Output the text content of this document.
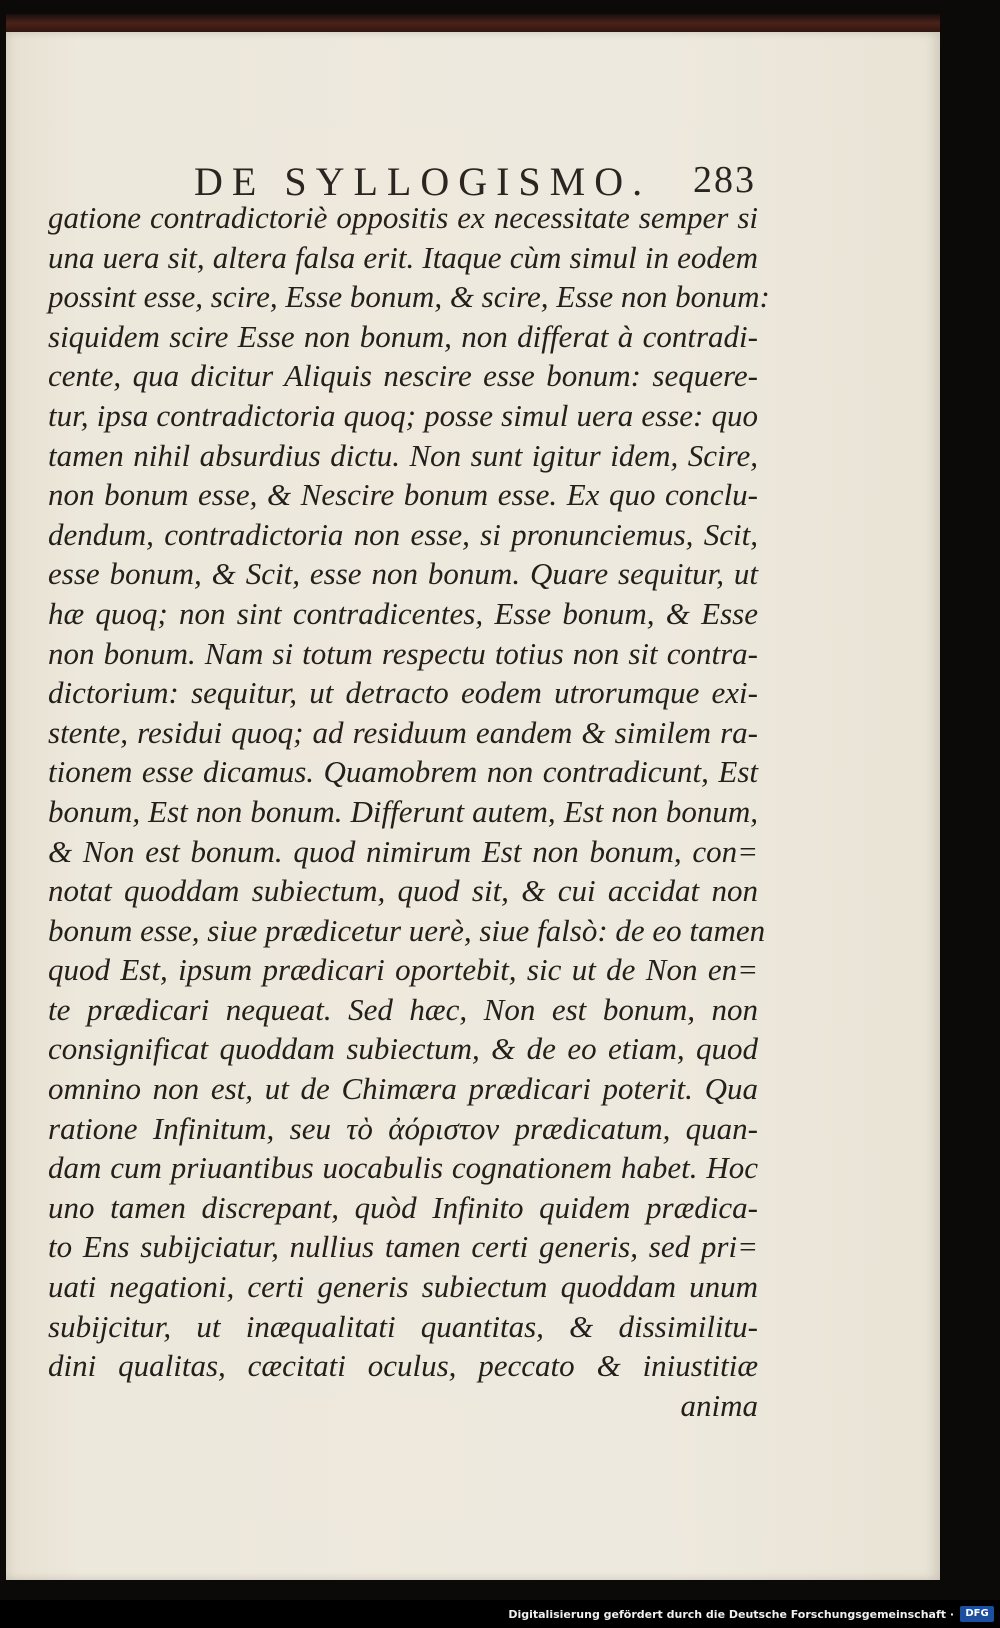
DE SYLLOGISMO. 283
gatione contradictoriè oppositis ex necessitate semper si
una uera sit, altera falsa erit. Itaque cùm simul in eodem
possint esse, scire, Esse bonum, & scire, Esse non bonum:
siquidem scire Esse non bonum, non differat à contradi-
cente, qua dicitur Aliquis nescire esse bonum: sequere-
tur, ipsa contradictoria quoq; posse simul uera esse: quo
tamen nihil absurdius dictu. Non sunt igitur idem, Scire,
non bonum esse, & Nescire bonum esse. Ex quo conclu-
dendum, contradictoria non esse, si pronunciemus, Scit,
esse bonum, & Scit, esse non bonum. Quare sequitur, ut
hæ quoq; non sint contradicentes, Esse bonum, & Esse
non bonum. Nam si totum respectu totius non sit contra-
dictorium: sequitur, ut detracto eodem utrorumque exi-
stente, residui quoq; ad residuum eandem & similem ra-
tionem esse dicamus. Quamobrem non contradicunt, Est
bonum, Est non bonum. Differunt autem, Est non bonum,
& Non est bonum. quod nimirum Est non bonum, con=
notat quoddam subiectum, quod sit, & cui accidat non
bonum esse, siue prædicetur uerè, siue falsò: de eo tamen
quod Est, ipsum prædicari oportebit, sic ut de Non en=
te prædicari nequeat. Sed hæc, Non est bonum, non
consignificat quoddam subiectum, & de eo etiam, quod
omnino non est, ut de Chimæra prædicari poterit. Qua
ratione Infinitum, seu τὸ ἀόριστον prædicatum, quan-
dam cum priuantibus uocabulis cognationem habet. Hoc
uno tamen discrepant, quòd Infinito quidem prædica-
to Ens subijciatur, nullius tamen certi generis, sed pri=
uati negationi, certi generis subiectum quoddam unum
subijcitur, ut inæqualitati quantitas, & dissimilitu-
dini qualitas, cæcitati oculus, peccato & iniustitiæ
anima
Digitalisierung gefördert durch die Deutsche Forschungsgemeinschaft ·	DFG
